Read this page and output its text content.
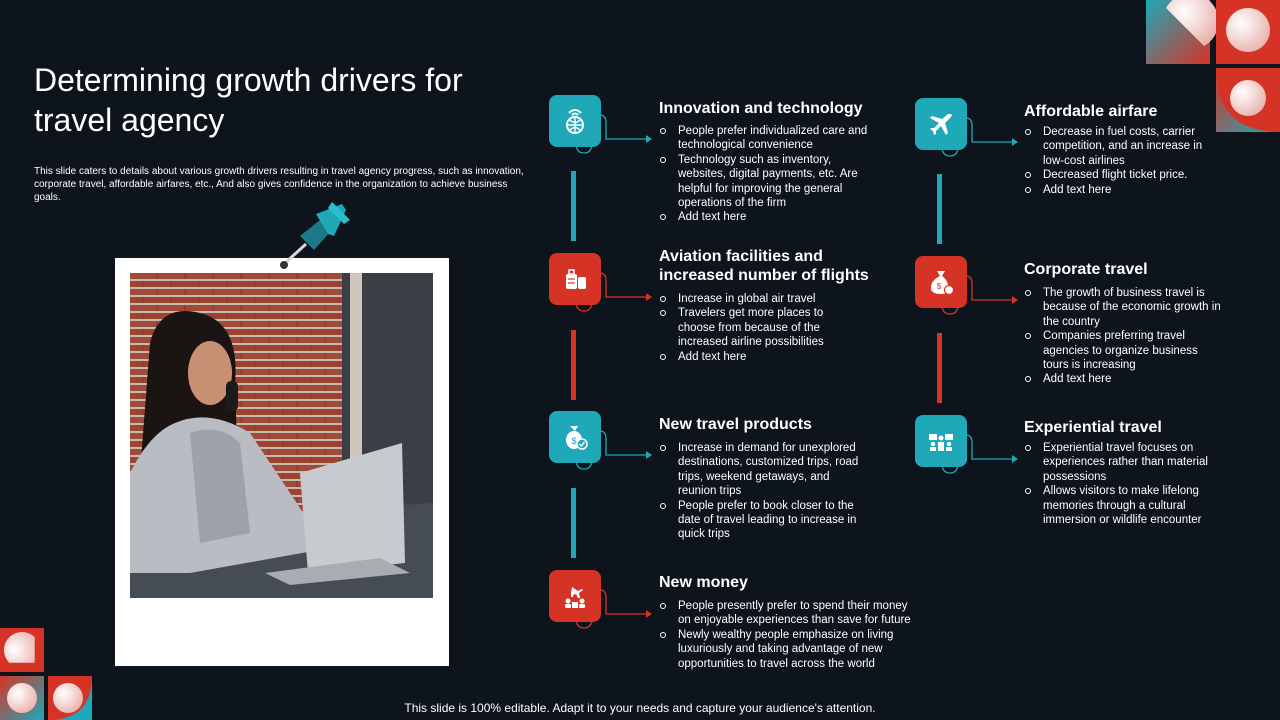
Determining growth drivers for travel agency

This slide caters to details about various growth drivers resulting in travel agency progress, such as innovation, corporate travel, affordable airfares, etc., And also gives confidence in the organization to achieve business goals.

Innovation and technology
People prefer individualized care and technological convenience
Technology such as inventory, websites, digital payments, etc. Are helpful for improving the general operations of the firm
Add text here
Aviation facilities and increased number of flights
Increase in global air travel
Travelers get more places to choose from because of the increased airline possibilities
Add text here
$
New travel products
Increase in demand for unexplored destinations, customized trips, road trips, weekend getaways, and reunion trips
People prefer to book closer to the date of travel leading to increase in quick trips
New money
People presently prefer to spend their money on enjoyable experiences than save for future
Newly wealthy people emphasize on living luxuriously and taking advantage of new opportunities to travel across the world
Affordable airfare
Decrease in fuel costs, carrier competition, and an increase in low-cost airlines
Decreased flight ticket price.
Add text here
$
Corporate travel
The growth of business travel is because of the economic growth in the country
Companies preferring travel agencies to organize business tours is increasing
Add text here
Experiential travel
Experiential travel focuses on experiences rather than material possessions
Allows visitors to make lifelong memories through a cultural immersion or wildlife encounter
This slide is 100% editable. Adapt it to your needs and capture your audience's attention.
